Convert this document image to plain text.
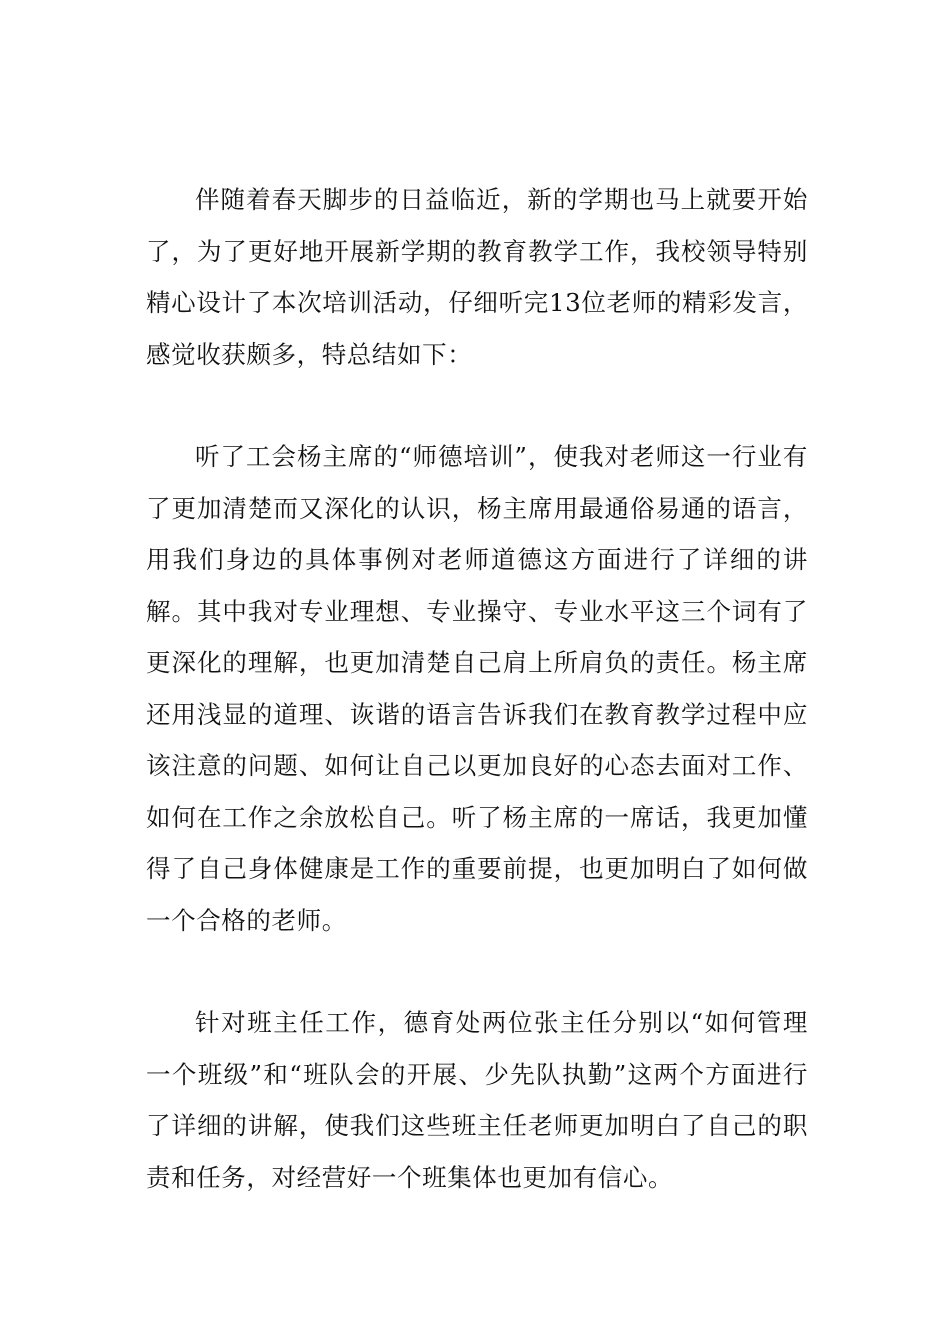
伴随着春天脚步的日益临近，新的学期也马上就要开始了，为了更好地开展新学期的教育教学工作，我校领导特别精心设计了本次培训活动，仔细听完13位老师的精彩发言，感觉收获颇多，特总结如下：

听了工会杨主席的“师德培训”，使我对老师这一行业有了更加清楚而又深化的认识，杨主席用最通俗易通的语言，用我们身边的具体事例对老师道德这方面进行了详细的讲解。其中我对专业理想、专业操守、专业水平这三个词有了更深化的理解，也更加清楚自己肩上所肩负的责任。杨主席还用浅显的道理、诙谐的语言告诉我们在教育教学过程中应该注意的问题、如何让自己以更加良好的心态去面对工作、如何在工作之余放松自己。听了杨主席的一席话，我更加懂得了自己身体健康是工作的重要前提，也更加明白了如何做一个合格的老师。

针对班主任工作，德育处两位张主任分别以“如何管理一个班级”和“班队会的开展、少先队执勤”这两个方面进行了详细的讲解，使我们这些班主任老师更加明白了自己的职责和任务，对经营好一个班集体也更加有信心。
